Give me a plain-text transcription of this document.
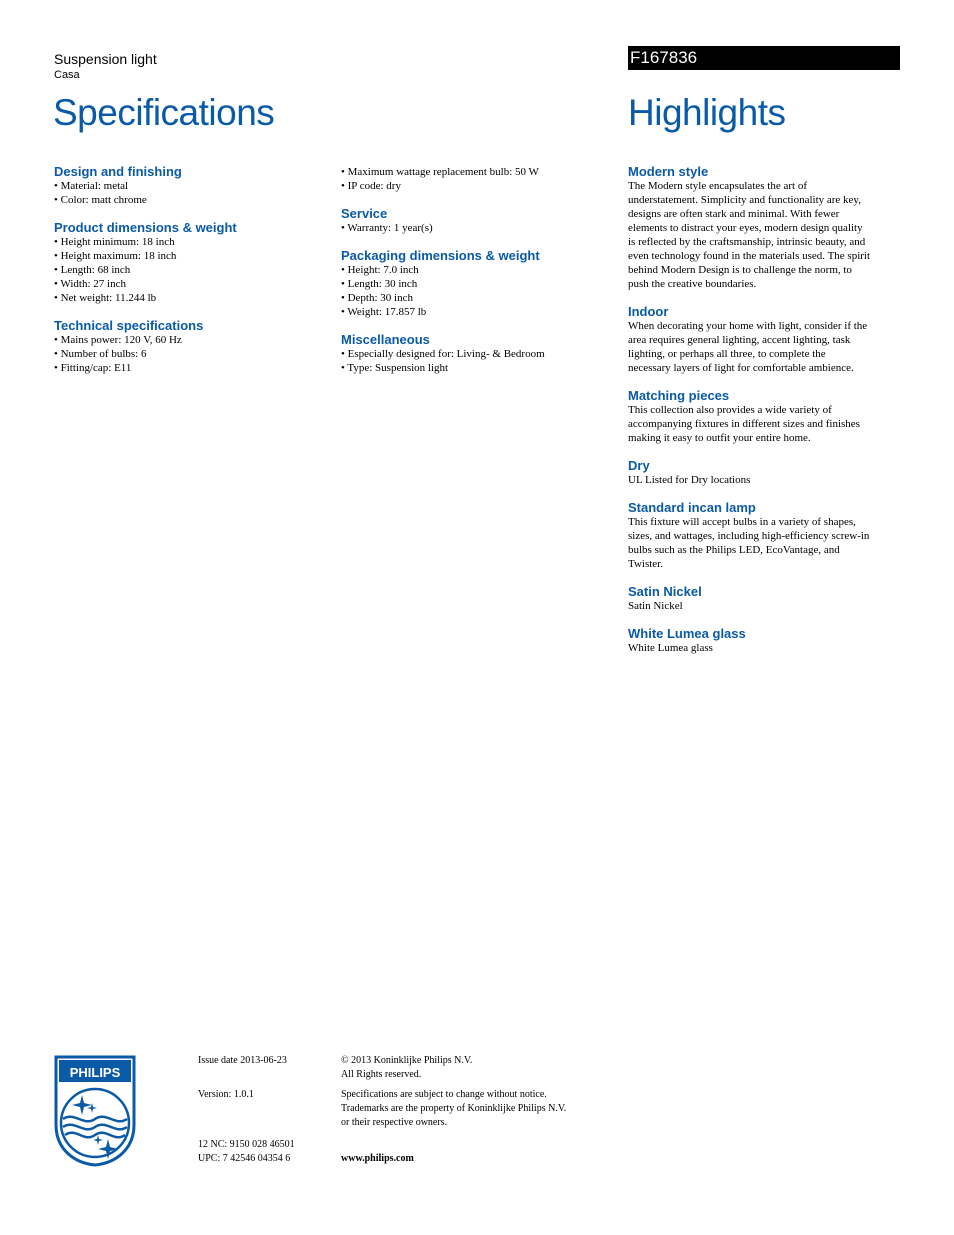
Suspension light
Casa
F167836
Specifications	Highlights
Design and finishing
• Material: metal
• Color: matt chrome
Product dimensions & weight
• Height minimum: 18 inch
• Height maximum: 18 inch
• Length: 68 inch
• Width: 27 inch
• Net weight: 11.244 lb
Technical specifications
• Mains power: 120 V, 60 Hz
• Number of bulbs: 6
• Fitting/cap: E11
• Maximum wattage replacement bulb: 50 W
• IP code: dry
Service
• Warranty: 1 year(s)
Packaging dimensions & weight
• Height: 7.0 inch
• Length: 30 inch
• Depth: 30 inch
• Weight: 17.857 lb
Miscellaneous
• Especially designed for: Living- & Bedroom
• Type: Suspension light
Modern style
The Modern style encapsulates the art of
understatement. Simplicity and functionality are key,
designs are often stark and minimal. With fewer
elements to distract your eyes, modern design quality
is reflected by the craftsmanship, intrinsic beauty, and
even technology found in the materials used. The spirit
behind Modern Design is to challenge the norm, to
push the creative boundaries.
Indoor
When decorating your home with light, consider if the
area requires general lighting, accent lighting, task
lighting, or perhaps all three, to complete the
necessary layers of light for comfortable ambience.
Matching pieces
This collection also provides a wide variety of
accompanying fixtures in different sizes and finishes
making it easy to outfit your entire home.
Dry
UL Listed for Dry locations
Standard incan lamp
This fixture will accept bulbs in a variety of shapes,
sizes, and wattages, including high-efficiency screw-in
bulbs such as the Philips LED, EcoVantage, and
Twister.
Satin Nickel
Satin Nickel
White Lumea glass
White Lumea glass
PHILIPS
Issue date 2013-06-23
Version: 1.0.1
12 NC: 9150 028 46501
UPC: 7 42546 04354 6
© 2013 Koninklijke Philips N.V.
All Rights reserved.
Specifications are subject to change without notice.
Trademarks are the property of Koninklijke Philips N.V.
or their respective owners.
www.philips.com
